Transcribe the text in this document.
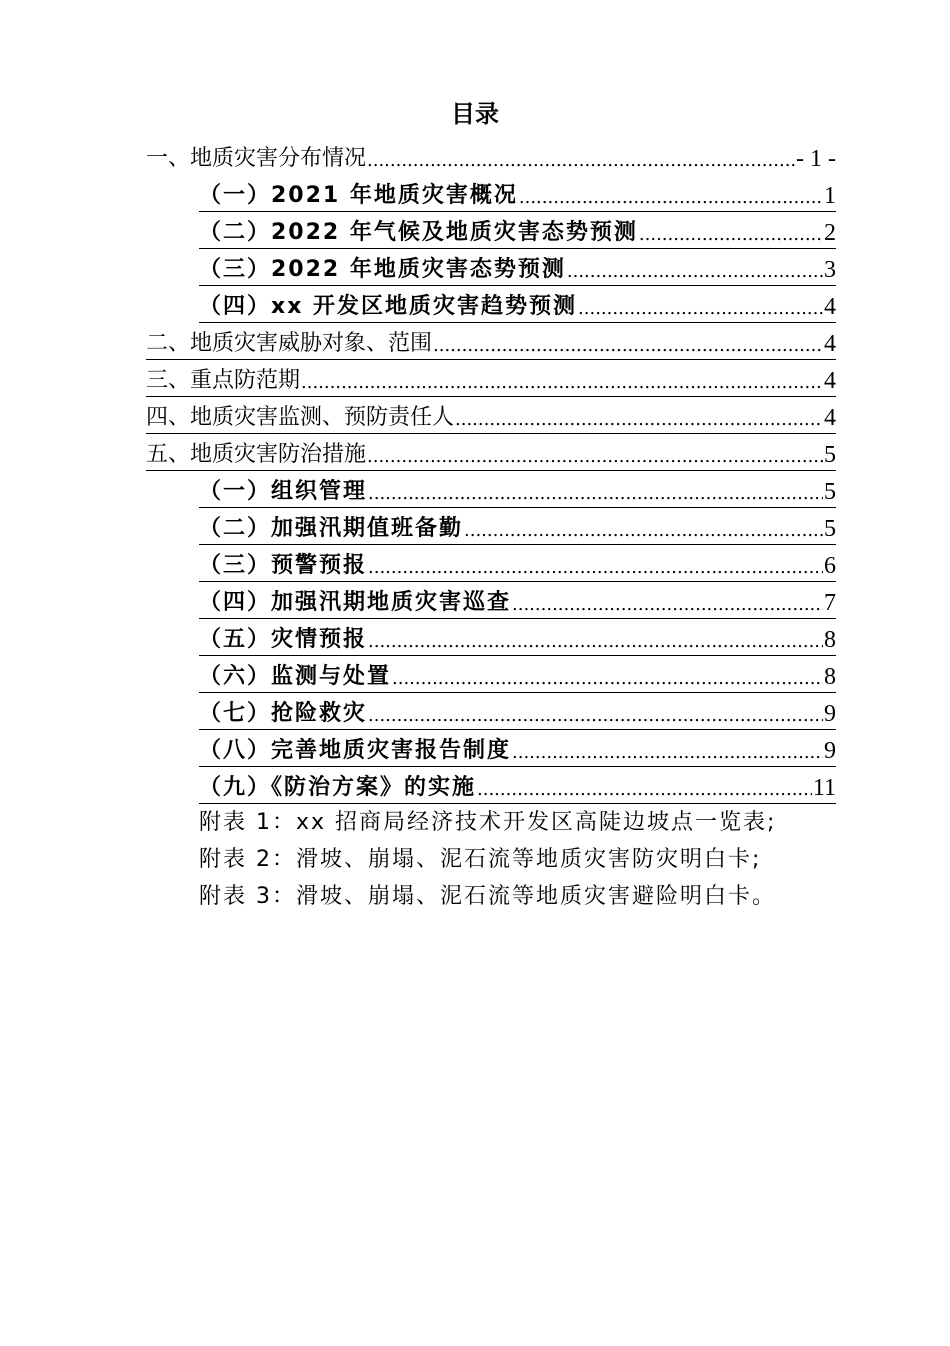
目录
一、地质灾害分布情况 .....	- 1 -
（一）2021 年地质灾害概况 .....	1
（二）2022 年气候及地质灾害态势预测 .....	2
（三）2022 年地质灾害态势预测 .....	3
（四）xx 开发区地质灾害趋势预测 .....	4
二、地质灾害威胁对象、范围 .....	4
三、重点防范期 .....	4
四、地质灾害监测、预防责任人 .....	4
五、地质灾害防治措施 .....	5
（一）组织管理 .....	5
（二）加强汛期值班备勤 .....	5
（三）预警预报 .....	6
（四）加强汛期地质灾害巡查 .....	7
（五）灾情预报 .....	8
（六）监测与处置 .....	8
（七）抢险救灾 .....	9
（八）完善地质灾害报告制度 .....	9
（九）《防治方案》的实施 .....	11
附表 1：xx 招商局经济技术开发区高陡边坡点一览表;
附表 2：滑坡、崩塌、泥石流等地质灾害防灾明白卡;
附表 3：滑坡、崩塌、泥石流等地质灾害避险明白卡。
